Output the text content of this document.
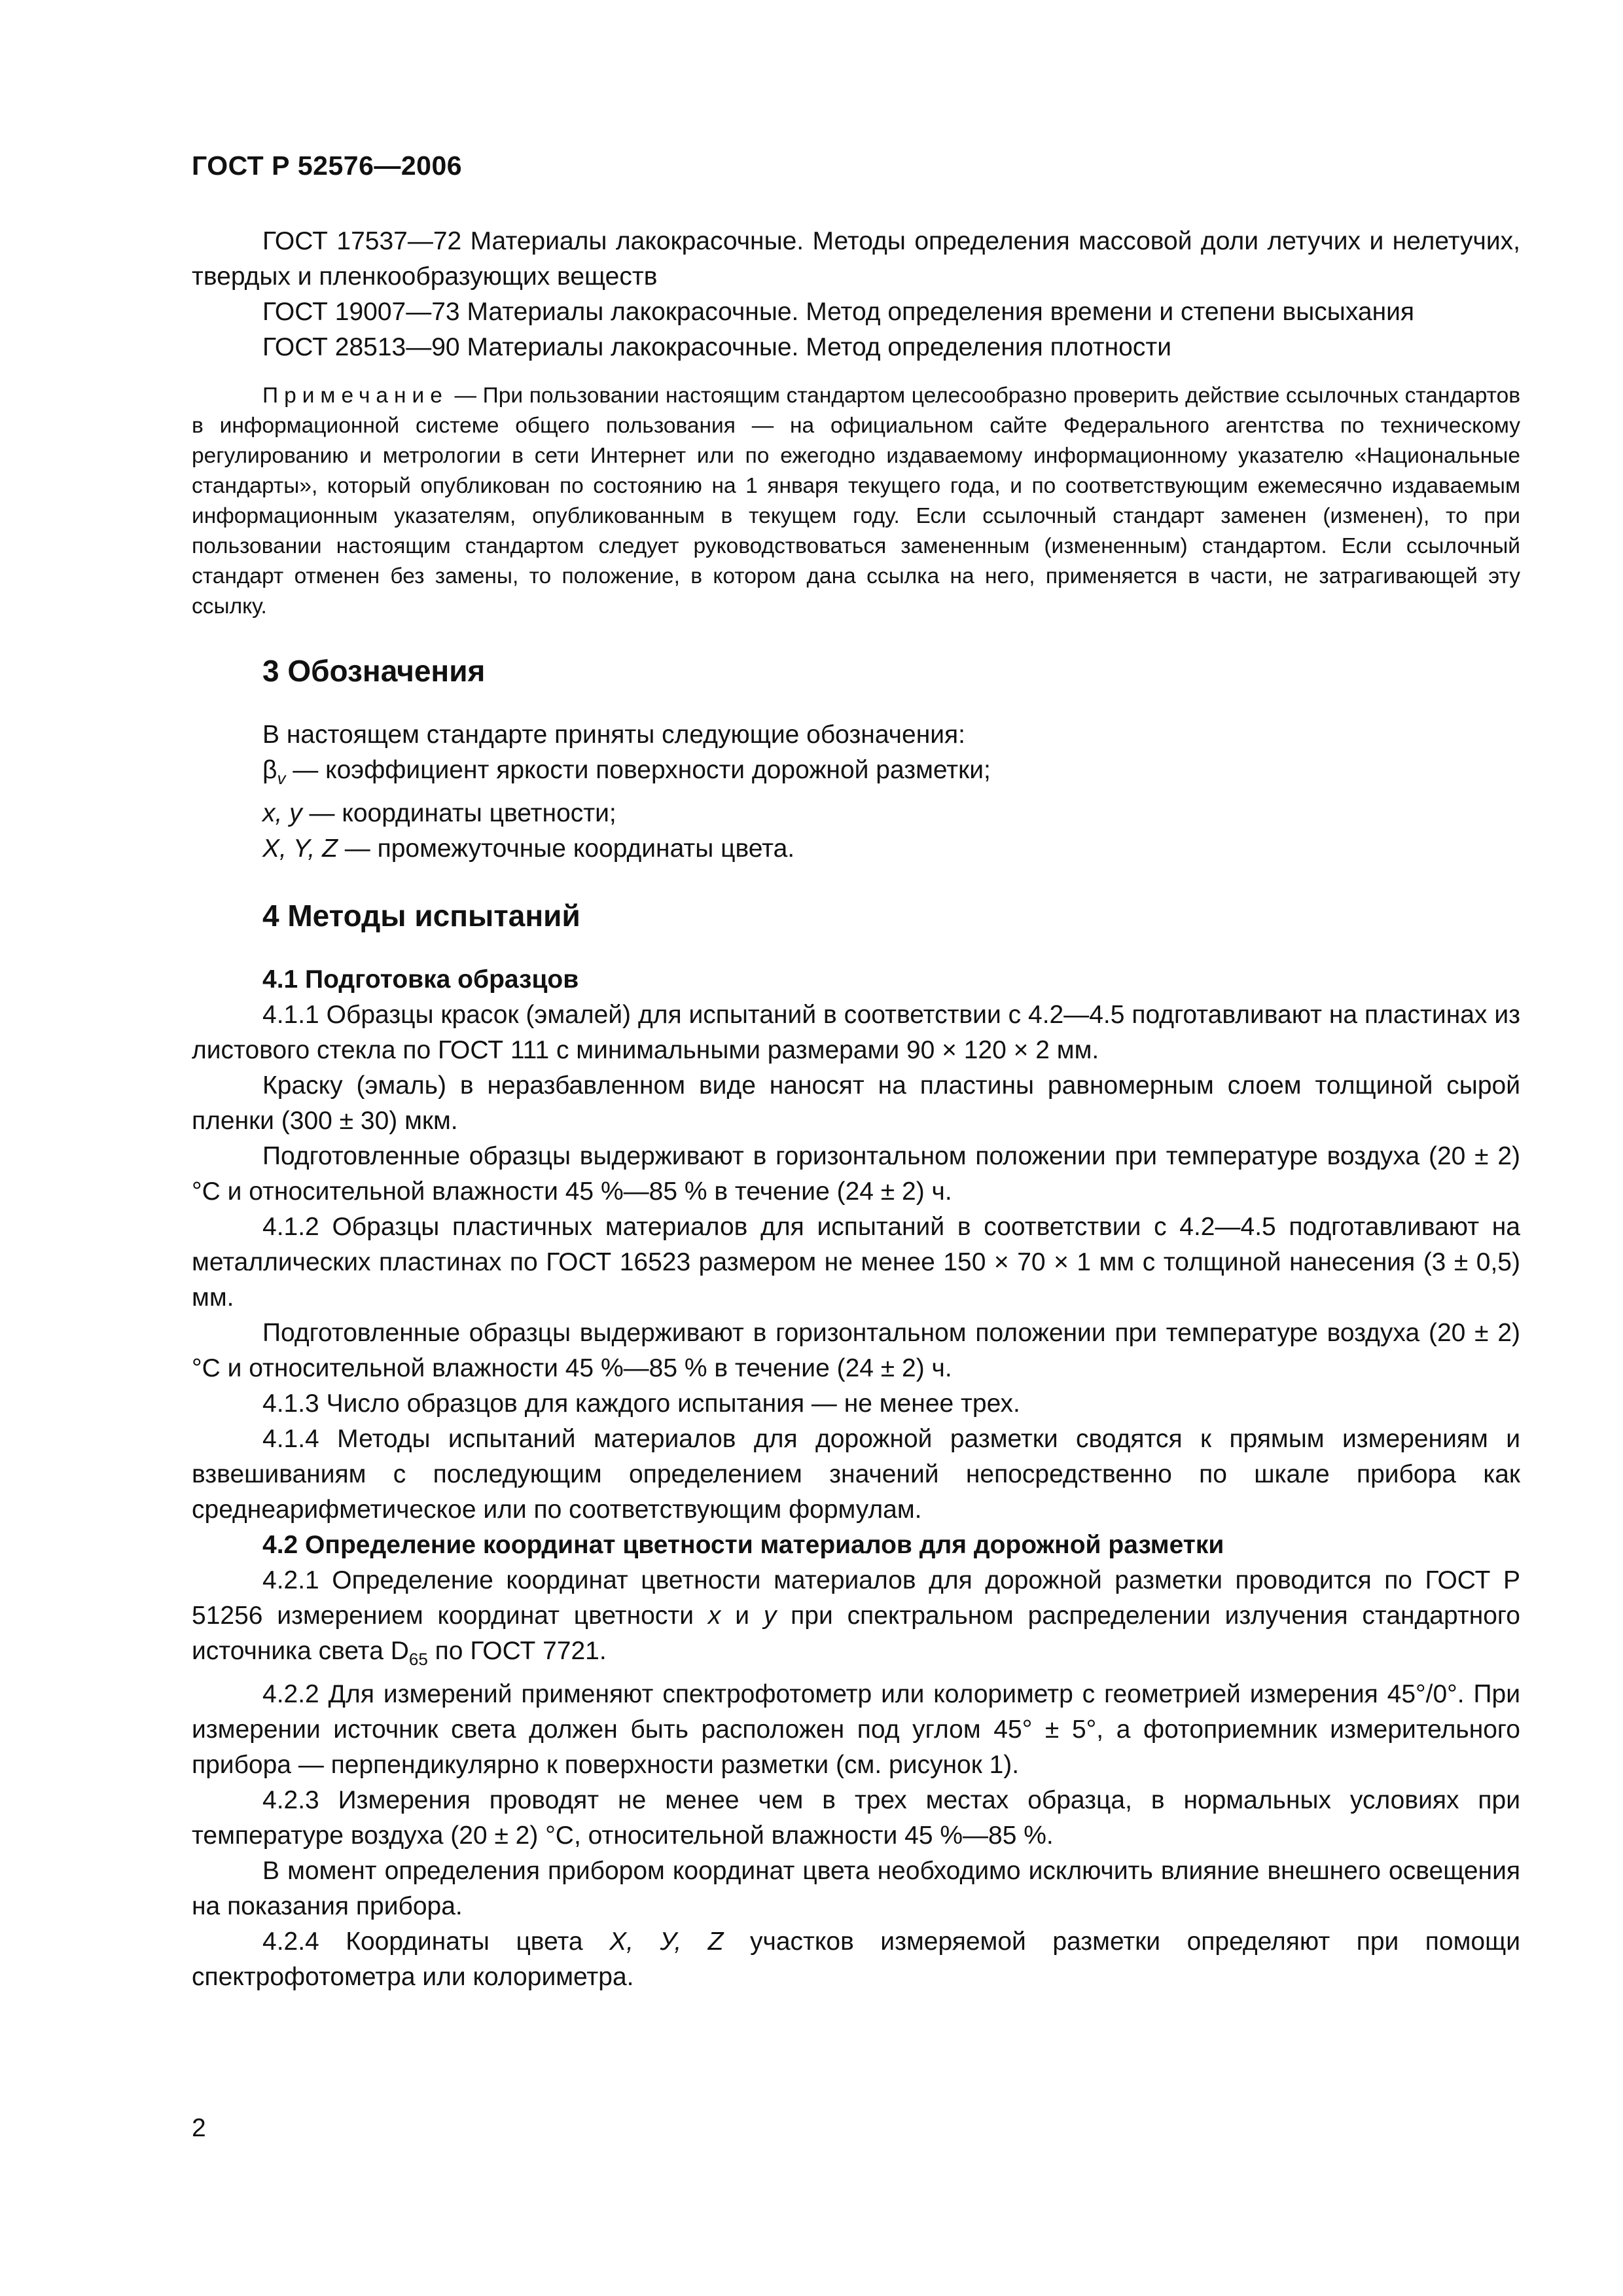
ГОСТ Р 52576—2006

ГОСТ 17537—72 Материалы лакокрасочные. Методы определения массовой доли летучих и нелетучих, твердых и пленкообразующих веществ

ГОСТ 19007—73 Материалы лакокрасочные. Метод определения времени и степени высыхания

ГОСТ 28513—90 Материалы лакокрасочные. Метод определения плотности

Примечание — При пользовании настоящим стандартом целесообразно проверить действие ссылочных стандартов в информационной системе общего пользования — на официальном сайте Федерального агентства по техническому регулированию и метрологии в сети Интернет или по ежегодно издаваемому информационному указателю «Национальные стандарты», который опубликован по состоянию на 1 января текущего года, и по соответствующим ежемесячно издаваемым информационным указателям, опубликованным в текущем году. Если ссылочный стандарт заменен (изменен), то при пользовании настоящим стандартом следует руководствоваться замененным (измененным) стандартом. Если ссылочный стандарт отменен без замены, то положение, в котором дана ссылка на него, применяется в части, не затрагивающей эту ссылку.

3 Обозначения

В настоящем стандарте приняты следующие обозначения:

$\beta_v$ — коэффициент яркости поверхности дорожной разметки;

x, y — координаты цветности;

X, Y, Z — промежуточные координаты цвета.

4 Методы испытаний

4.1 Подготовка образцов

4.1.1 Образцы красок (эмалей) для испытаний в соответствии с 4.2—4.5 подготавливают на пластинах из листового стекла по ГОСТ 111 с минимальными размерами 90 × 120 × 2 мм.

Краску (эмаль) в неразбавленном виде наносят на пластины равномерным слоем толщиной сырой пленки (300 ± 30) мкм.

Подготовленные образцы выдерживают в горизонтальном положении при температуре воздуха (20 ± 2) °С и относительной влажности 45 %—85 % в течение (24 ± 2) ч.

4.1.2 Образцы пластичных материалов для испытаний в соответствии с 4.2—4.5 подготавливают на металлических пластинах по ГОСТ 16523 размером не менее 150 × 70 × 1 мм с толщиной нанесения (3 ± 0,5) мм.

Подготовленные образцы выдерживают в горизонтальном положении при температуре воздуха (20 ± 2) °С и относительной влажности 45 %—85 % в течение (24 ± 2) ч.

4.1.3 Число образцов для каждого испытания — не менее трех.

4.1.4 Методы испытаний материалов для дорожной разметки сводятся к прямым измерениям и взвешиваниям с последующим определением значений непосредственно по шкале прибора как среднеарифметическое или по соответствующим формулам.

4.2 Определение координат цветности материалов для дорожной разметки

4.2.1 Определение координат цветности материалов для дорожной разметки проводится по ГОСТ Р 51256 измерением координат цветности x и y при спектральном распределении излучения стандартного источника света $D_{65}$ по ГОСТ 7721.

4.2.2 Для измерений применяют спектрофотометр или колориметр с геометрией измерения 45°/0°. При измерении источник света должен быть расположен под углом 45° ± 5°, а фотоприемник измерительного прибора — перпендикулярно к поверхности разметки (см. рисунок 1).

4.2.3 Измерения проводят не менее чем в трех местах образца, в нормальных условиях при температуре воздуха (20 ± 2) °С, относительной влажности 45 %—85 %.

В момент определения прибором координат цвета необходимо исключить влияние внешнего освещения на показания прибора.

4.2.4 Координаты цвета X, У, Z участков измеряемой разметки определяют при помощи спектрофотометра или колориметра.

2
